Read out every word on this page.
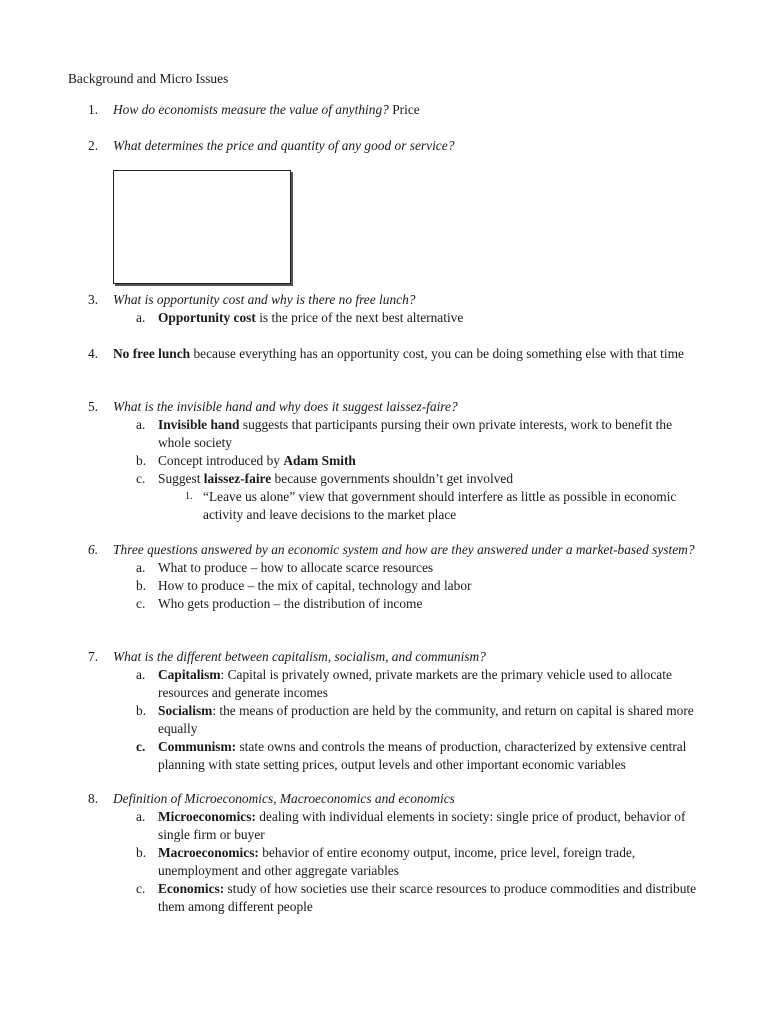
Background and Micro Issues
1. How do economists measure the value of anything? Price
2. What determines the price and quantity of any good or service?
3. What is opportunity cost and why is there no free lunch?
a. Opportunity cost is the price of the next best alternative
4. No free lunch because everything has an opportunity cost, you can be doing something else with that time
5. What is the invisible hand and why does it suggest laissez-faire?
a. Invisible hand suggests that participants pursing their own private interests, work to benefit the whole society
b. Concept introduced by Adam Smith
c. Suggest laissez-faire because governments shouldn’t get involved
1. “Leave us alone” view that government should interfere as little as possible in economic activity and leave decisions to the market place
6. Three questions answered by an economic system and how are they answered under a market-based system?
a. What to produce – how to allocate scarce resources
b. How to produce – the mix of capital, technology and labor
c. Who gets production – the distribution of income
7. What is the different between capitalism, socialism, and communism?
a. Capitalism: Capital is privately owned, private markets are the primary vehicle used to allocate resources and generate incomes
b. Socialism: the means of production are held by the community, and return on capital is shared more equally
c. Communism: state owns and controls the means of production, characterized by extensive central planning with state setting prices, output levels and other important economic variables
8. Definition of Microeconomics, Macroeconomics and economics
a. Microeconomics: dealing with individual elements in society: single price of product, behavior of single firm or buyer
b. Macroeconomics: behavior of entire economy output, income, price level, foreign trade, unemployment and other aggregate variables
c. Economics: study of how societies use their scarce resources to produce commodities and distribute them among different people
